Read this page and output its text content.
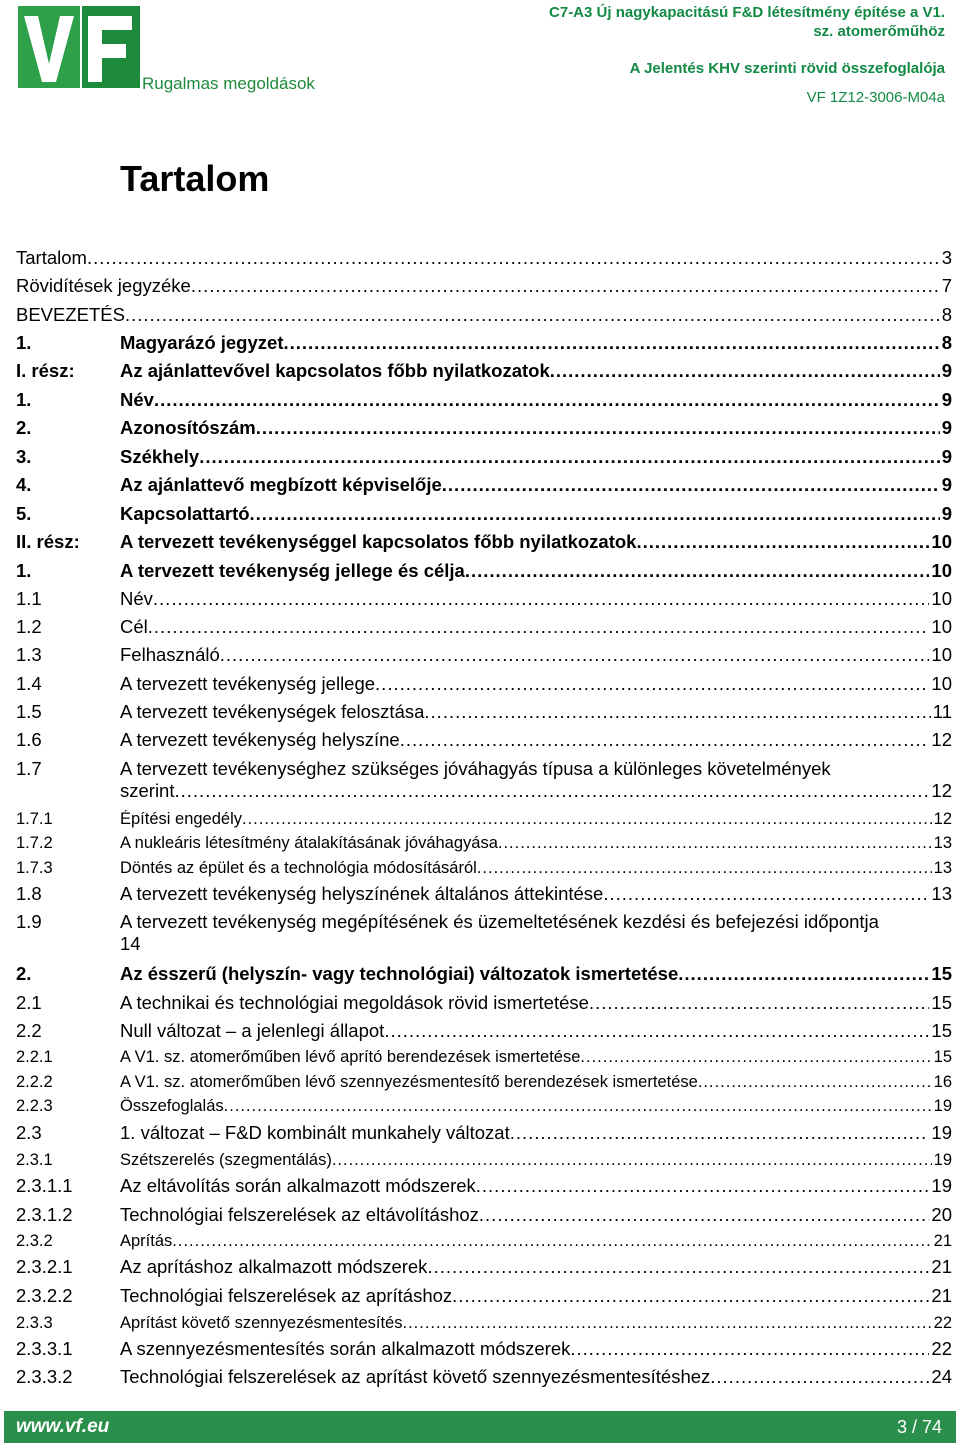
Rugalmas megoldások
C7-A3 Új nagykapacitású F&D létesítmény építése a V1.
sz. atomerőműhöz
A Jelentés KHV szerinti rövid összefoglalója
VF 1Z12-3006-M04a
Tartalom
Tartalom .....	3
Rövidítések jegyzéke .....	7
BEVEZETÉS .....	8
1.	Magyarázó jegyzet .....	8
I. rész: Az ajánlattevővel kapcsolatos főbb nyilatkozatok .....	9
1.	Név .....	9
2.	Azonosítószám .....	9
3.	Székhely .....	9
4.	Az ajánlattevő megbízott képviselője .....	9
5.	Kapcsolattartó .....	9
II. rész: A tervezett tevékenységgel kapcsolatos főbb nyilatkozatok .....	10
1.	A tervezett tevékenység jellege és célja .....	10
1.1	Név .....	10
1.2	Cél .....	10
1.3	Felhasználó .....	10
1.4	A tervezett tevékenység jellege .....	10
1.5	A tervezett tevékenységek felosztása .....	11
1.6	A tervezett tevékenység helyszíne .....	12
1.7	A tervezett tevékenységhez szükséges jóváhagyás típusa a különleges követelmények
szerint .....	12
1.7.1	Építési engedély .....	12
1.7.2	A nukleáris létesítmény átalakításának jóváhagyása .....	13
1.7.3	Döntés az épület és a technológia módosításáról .....	13
1.8	A tervezett tevékenység helyszínének általános áttekintése .....	13
1.9	A tervezett tevékenység megépítésének és üzemeltetésének kezdési és befejezési időpontja
14
2.	Az ésszerű (helyszín- vagy technológiai) változatok ismertetése .....	15
2.1	A technikai és technológiai megoldások rövid ismertetése .....	15
2.2	Null változat – a jelenlegi állapot .....	15
2.2.1	A V1. sz. atomerőműben lévő aprító berendezések ismertetése .....	15
2.2.2	A V1. sz. atomerőműben lévő szennyezésmentesítő berendezések ismertetése .....	16
2.2.3	Összefoglalás .....	19
2.3	1. változat – F&D kombinált munkahely változat .....	19
2.3.1	Szétszerelés (szegmentálás) .....	19
2.3.1.1	Az eltávolítás során alkalmazott módszerek .....	19
2.3.1.2	Technológiai felszerelések az eltávolításhoz .....	20
2.3.2	Aprítás .....	21
2.3.2.1	Az aprításhoz alkalmazott módszerek .....	21
2.3.2.2	Technológiai felszerelések az aprításhoz .....	21
2.3.3	Aprítást követő szennyezésmentesítés .....	22
2.3.3.1	A szennyezésmentesítés során alkalmazott módszerek .....	22
2.3.3.2	Technológiai felszerelések az aprítást követő szennyezésmentesítéshez .....	24
www.vf.eu	3 / 74
